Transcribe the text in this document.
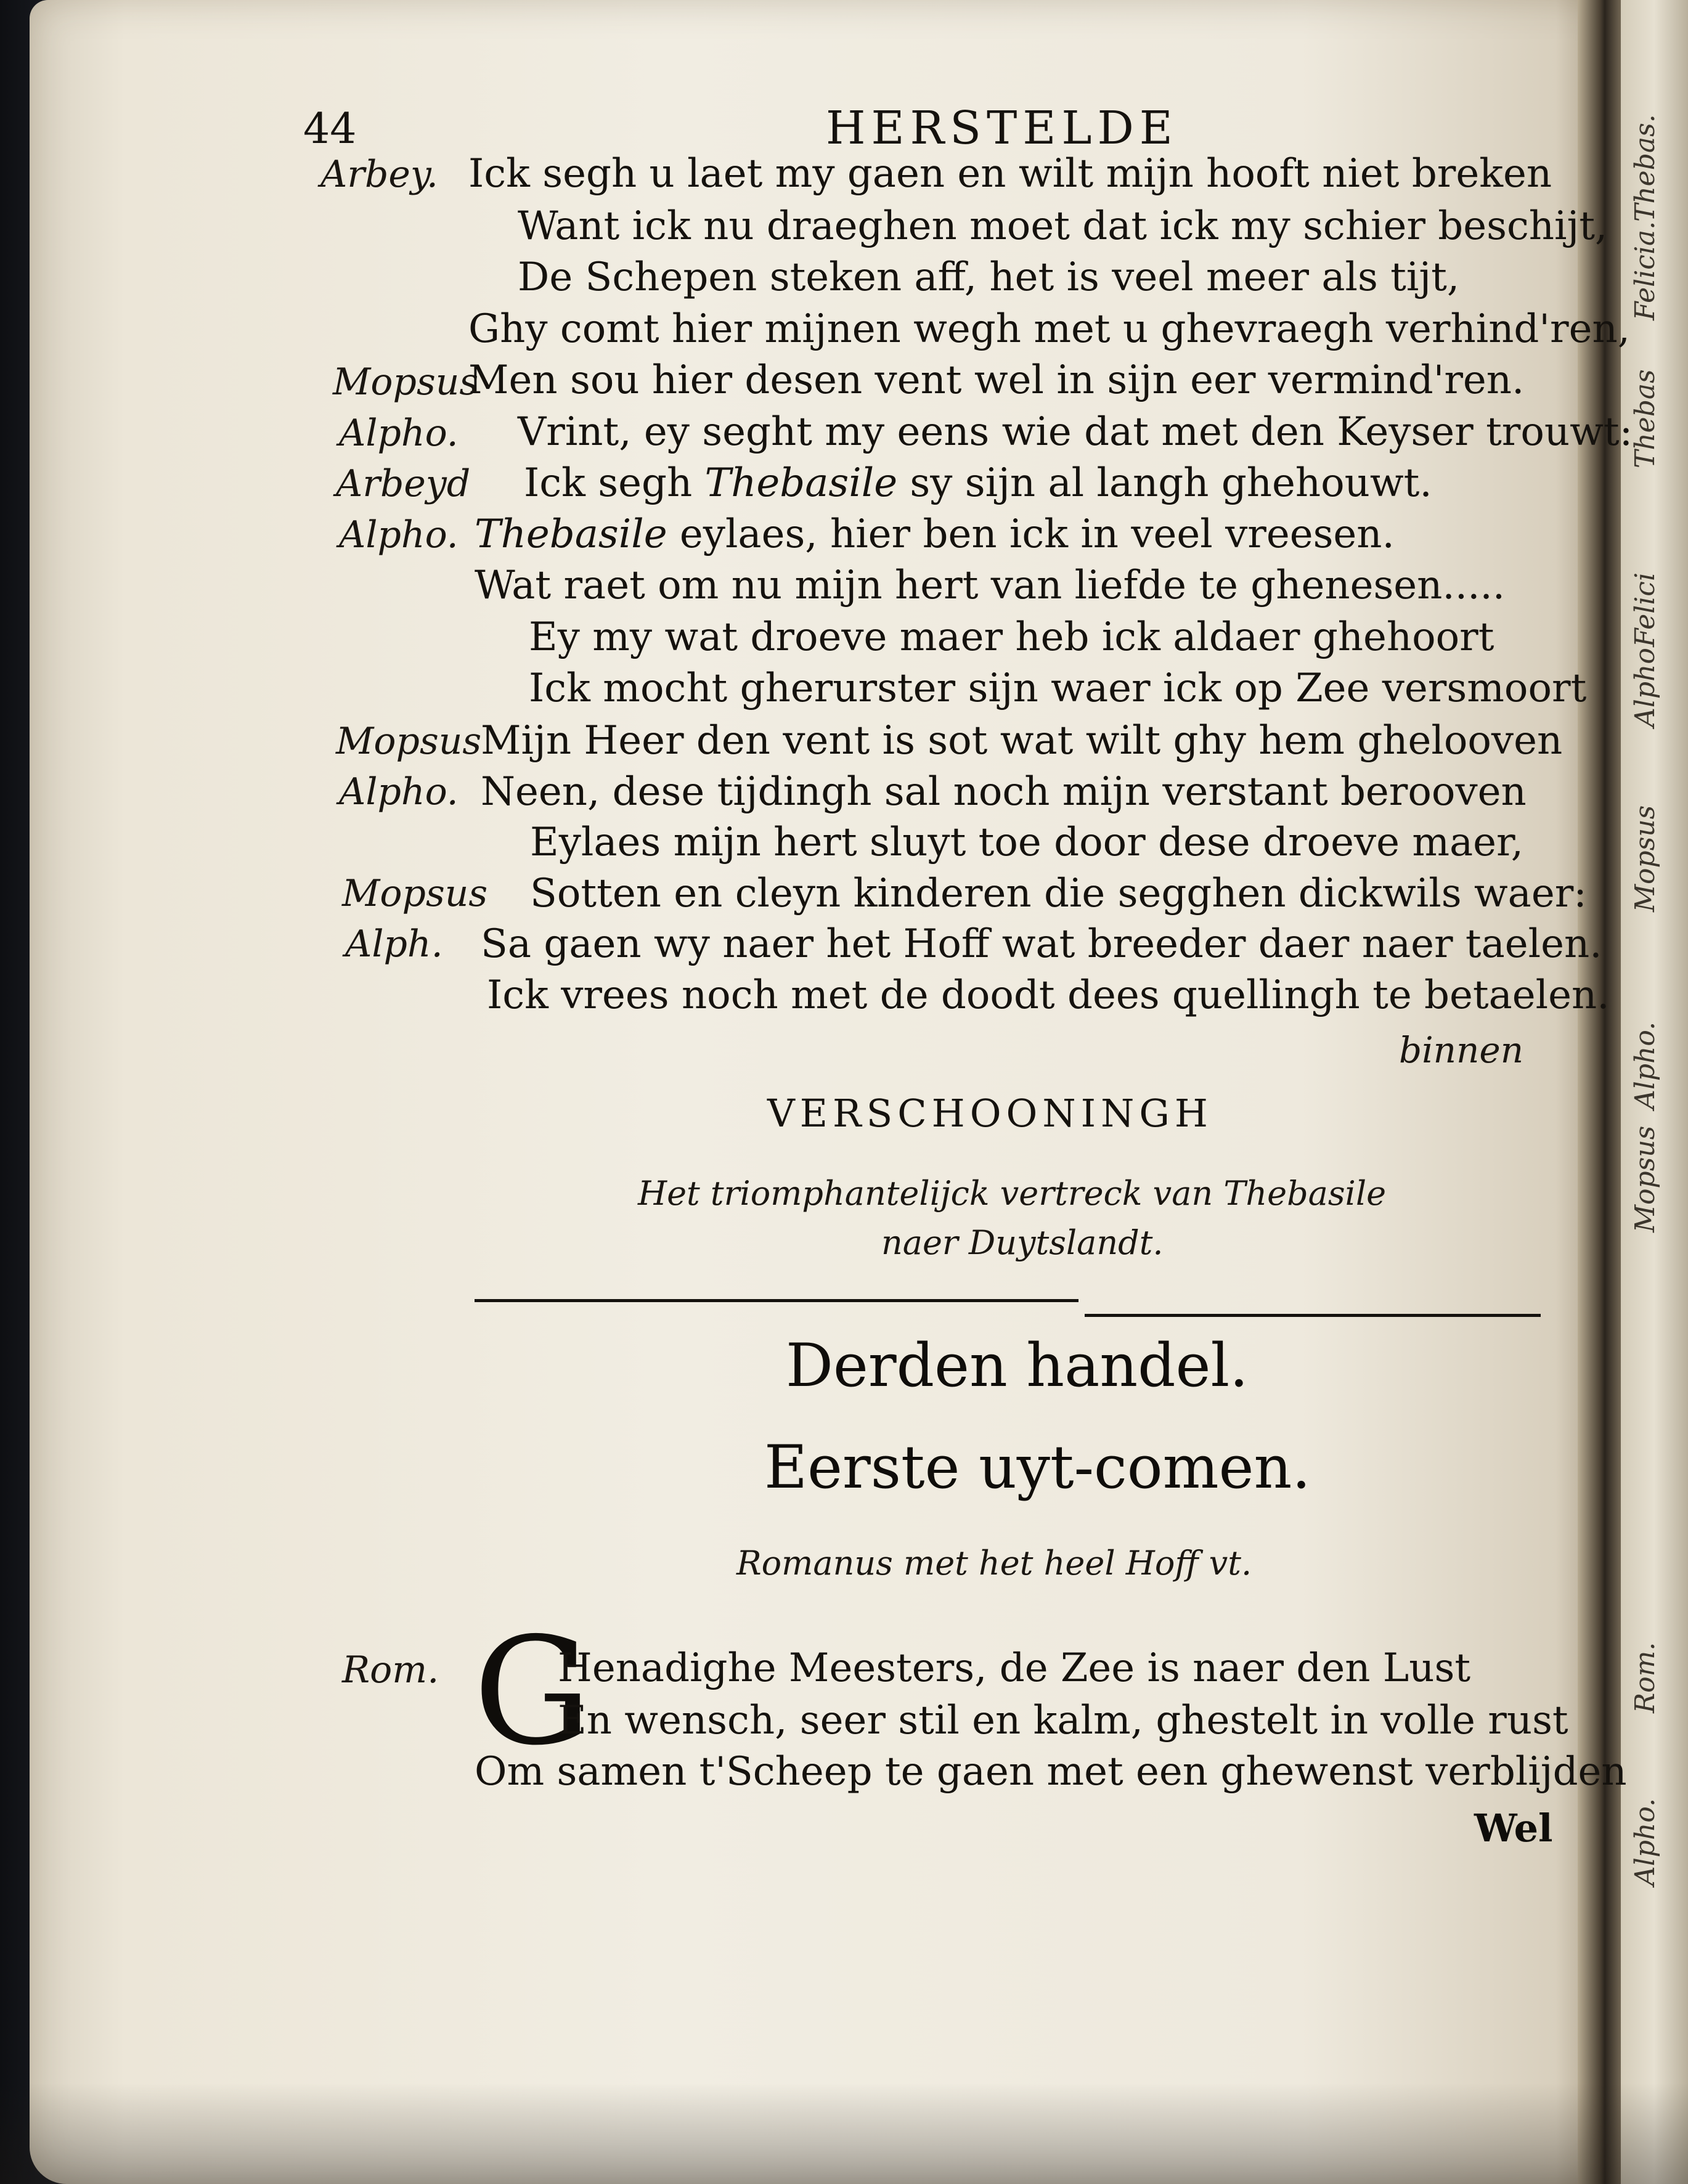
Thebas.
Felicia.
Thebas
Felici
Alpho
Mopsus
Alpho.
Mopsus
Rom.
Alpho.
44	HERSTELDE
Arbey. Ick segh u laet my gaen en wilt mijn hooft niet breken
Want ick nu draeghen moet dat ick my schier beschijt,
De Schepen steken aff, het is veel meer als tijt,
Ghy comt hier mijnen wegh met u ghevraegh verhind'ren,
Mopsus
Men sou hier desen vent wel in sijn eer vermind'ren.
Alpho. Vrint, ey seght my eens wie dat met den Keyser trouwt:
Arbeyd Ick segh Thebasile sy sijn al langh ghehouwt.
Alpho. Thebasile eylaes, hier ben ick in veel vreesen.
Wat raet om nu mijn hert van liefde te ghenesen.....
Ey my wat droeve maer heb ick aldaer ghehoort
Ick mocht gherurster sijn waer ick op Zee versmoort
Mopsus
Mijn Heer den vent is sot wat wilt ghy hem ghelooven
Alpho. Neen, dese tijdingh sal noch mijn verstant berooven
Eylaes mijn hert sluyt toe door dese droeve maer,
Mopsus Sotten en cleyn kinderen die segghen dickwils waer:
Alph. Sa gaen wy naer het Hoff wat breeder daer naer taelen.
Ick vrees noch met de doodt dees quellingh te betaelen.
binnen
VERSCHOONINGH
Het triomphantelijck vertreck van Thebasile
naer Duytslandt.
Derden handel.
Eerste uyt-comen.
Romanus met het heel Hoff vt.
Rom. G
Henadighe Meesters, de Zee is naer den Lust
En wensch, seer stil en kalm, ghestelt in volle rust
Om samen t'Scheep te gaen met een ghewenst verblijden
Wel
